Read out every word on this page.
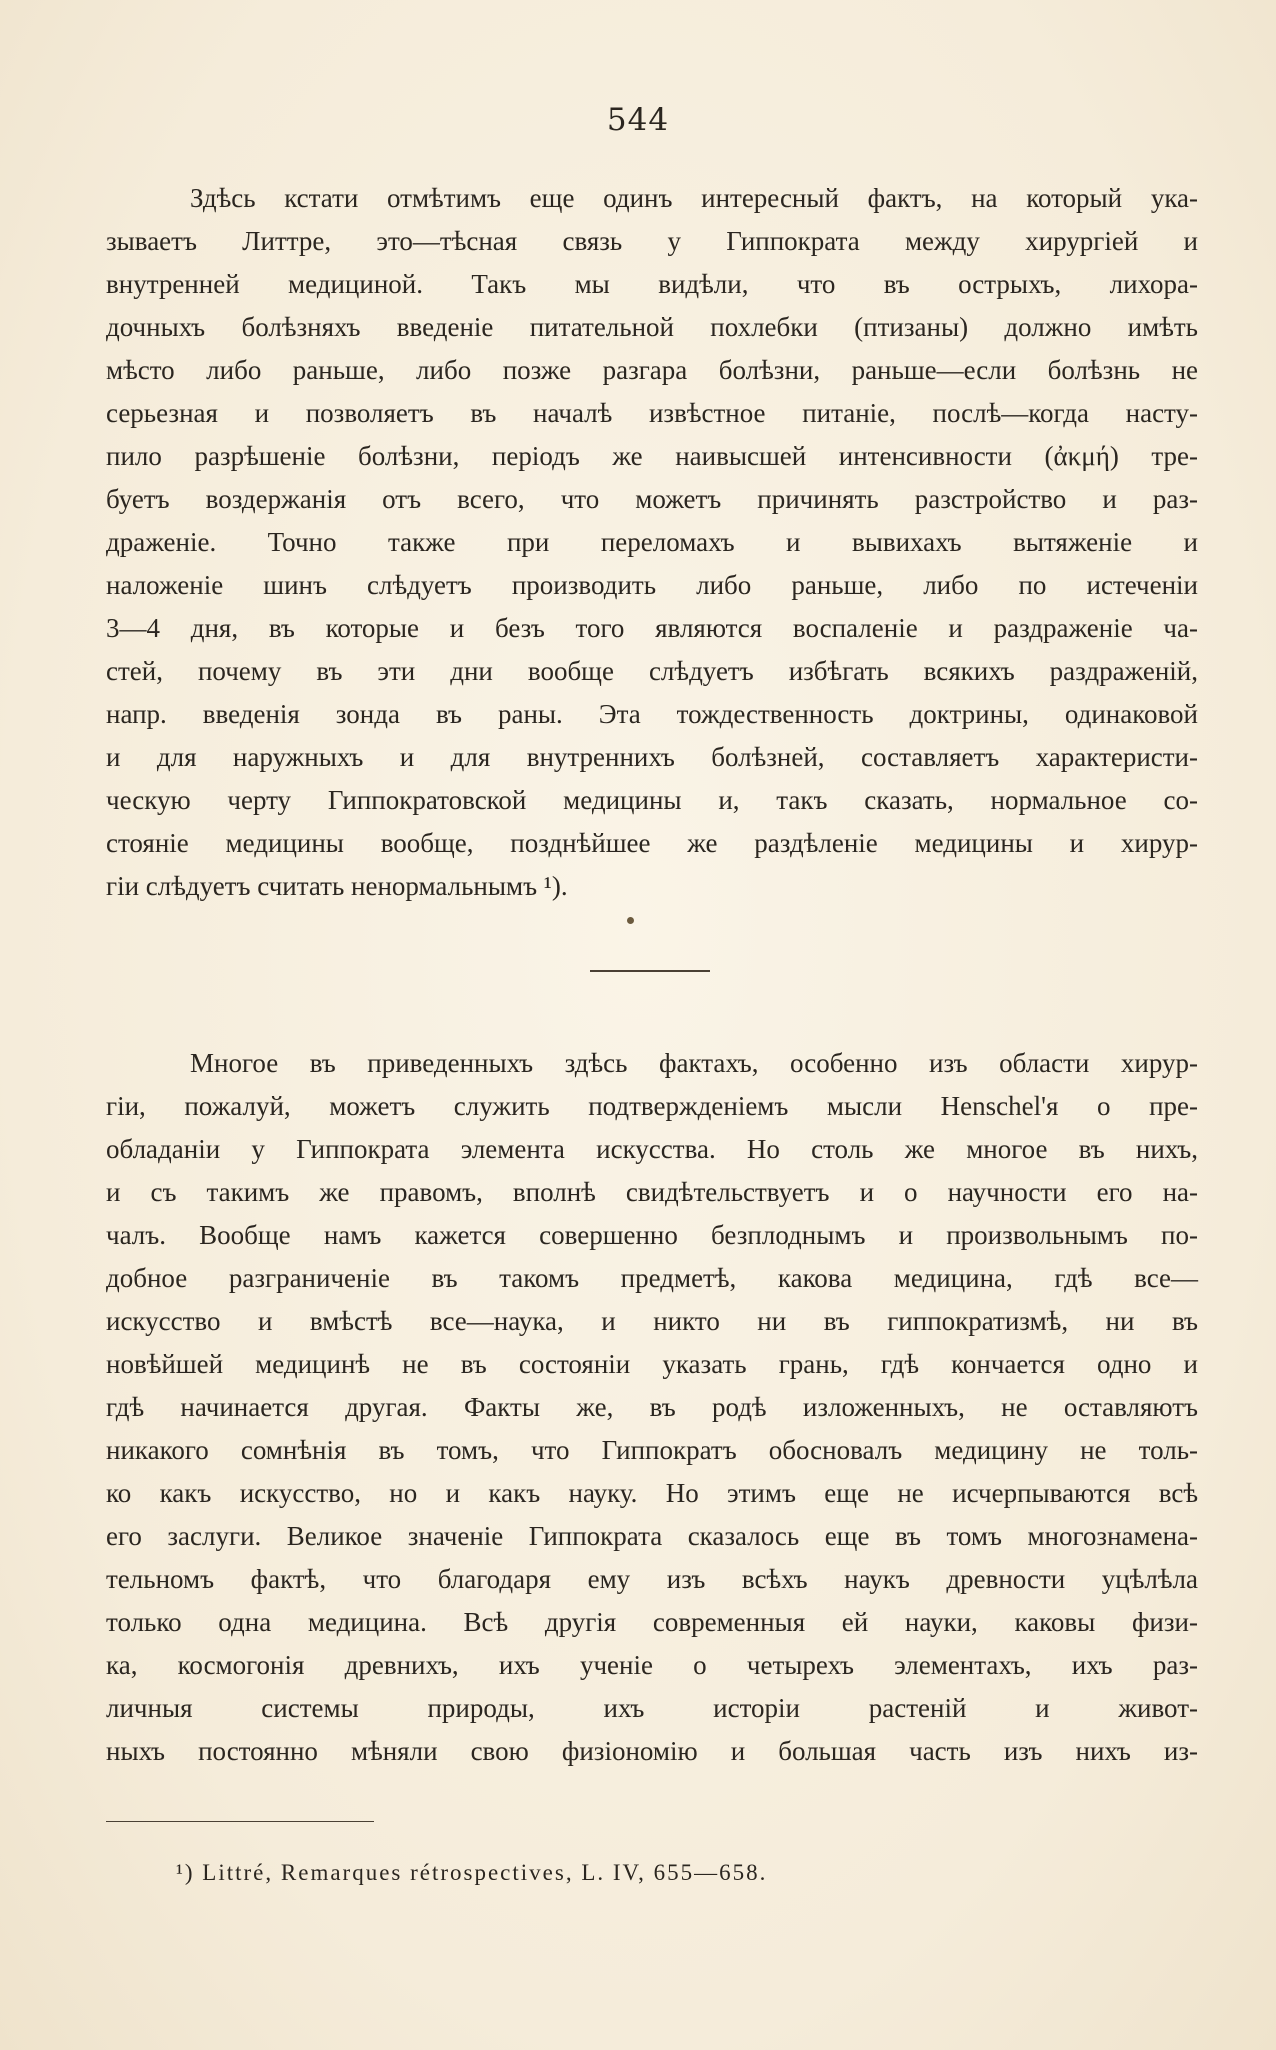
544
Здѣсь кстати отмѣтимъ еще одинъ интересный фактъ, на который ука-
зываетъ Литтре, это—тѣсная связь у Гиппократа между хирургіей и
внутренней медициной. Такъ мы видѣли, что въ острыхъ, лихора-
дочныхъ болѣзняхъ введеніе питательной похлебки (птизаны) должно имѣть
мѣсто либо раньше, либо позже разгара болѣзни, раньше—если болѣзнь не
серьезная и позволяетъ въ началѣ извѣстное питаніе, послѣ—когда насту-
пило разрѣшеніе болѣзни, періодъ же наивысшей интенсивности (ἀκμή) тре-
буетъ воздержанія отъ всего, что можетъ причинять разстройство и раз-
драженіе. Точно также при переломахъ и вывихахъ вытяженіе и
наложеніе шинъ слѣдуетъ производить либо раньше, либо по истеченіи
3—4 дня, въ которые и безъ того являются воспаленіе и раздраженіе ча-
стей, почему въ эти дни вообще слѣдуетъ избѣгать всякихъ раздраженій,
напр. введенія зонда въ раны. Эта тождественность доктрины, одинаковой
и для наружныхъ и для внутреннихъ болѣзней, составляетъ характеристи-
ческую черту Гиппократовской медицины и, такъ сказать, нормальное со-
стояніе медицины вообще, позднѣйшее же раздѣленіе медицины и хирур-
гіи слѣдуетъ считать ненормальнымъ ¹).
Многое въ приведенныхъ здѣсь фактахъ, особенно изъ области хирур-
гіи, пожалуй, можетъ служить подтвержденіемъ мысли Henschel'я о пре-
обладаніи у Гиппократа элемента искусства. Но столь же многое въ нихъ,
и съ такимъ же правомъ, вполнѣ свидѣтельствуетъ и о научности его на-
чалъ. Вообще намъ кажется совершенно безплоднымъ и произвольнымъ по-
добное разграниченіе въ такомъ предметѣ, какова медицина, гдѣ все—
искусство и вмѣстѣ все—наука, и никто ни въ гиппократизмѣ, ни въ
новѣйшей медицинѣ не въ состояніи указать грань, гдѣ кончается одно и
гдѣ начинается другая. Факты же, въ родѣ изложенныхъ, не оставляютъ
никакого сомнѣнія въ томъ, что Гиппократъ обосновалъ медицину не толь-
ко какъ искусство, но и какъ науку. Но этимъ еще не исчерпываются всѣ
его заслуги. Великое значеніе Гиппократа сказалось еще въ томъ многознамена-
тельномъ фактѣ, что благодаря ему изъ всѣхъ наукъ древности уцѣлѣла
только одна медицина. Всѣ другія современныя ей науки, каковы физи-
ка, космогонія древнихъ, ихъ ученіе о четырехъ элементахъ, ихъ раз-
личныя системы природы, ихъ исторіи растеній и живот-
ныхъ постоянно мѣняли свою физіономію и большая часть изъ нихъ из-
¹) Littré, Remarques rétrospectives, L. IV, 655—658.
